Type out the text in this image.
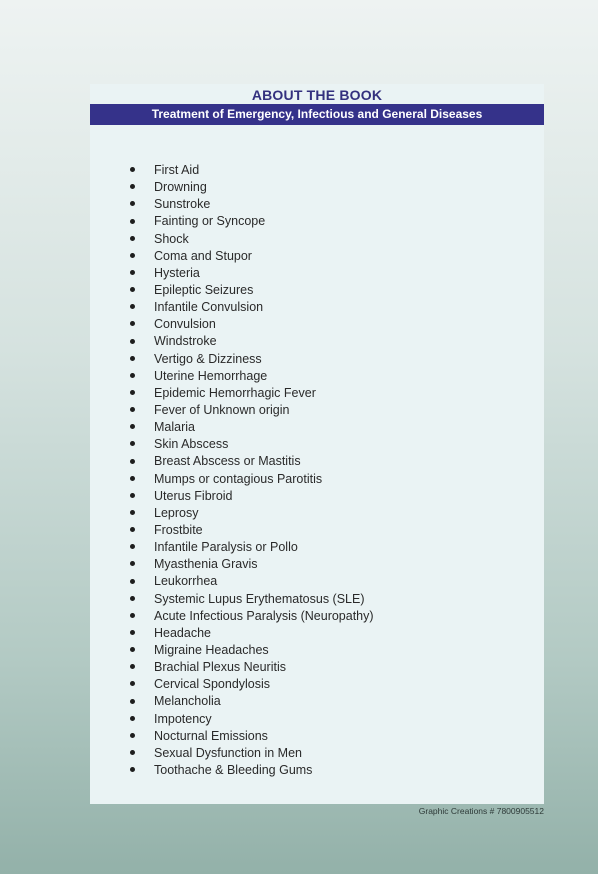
ABOUT THE BOOK
Treatment of Emergency, Infectious and General Diseases
First Aid
Drowning
Sunstroke
Fainting or Syncope
Shock
Coma and Stupor
Hysteria
Epileptic Seizures
Infantile Convulsion
Convulsion
Windstroke
Vertigo & Dizziness
Uterine Hemorrhage
Epidemic Hemorrhagic Fever
Fever of Unknown origin
Malaria
Skin Abscess
Breast Abscess or Mastitis
Mumps or contagious Parotitis
Uterus Fibroid
Leprosy
Frostbite
Infantile Paralysis or Pollo
Myasthenia Gravis
Leukorrhea
Systemic Lupus Erythematosus (SLE)
Acute Infectious Paralysis (Neuropathy)
Headache
Migraine Headaches
Brachial Plexus Neuritis
Cervical Spondylosis
Melancholia
Impotency
Nocturnal Emissions
Sexual Dysfunction in Men
Toothache & Bleeding Gums
Graphic Creations # 7800905512
